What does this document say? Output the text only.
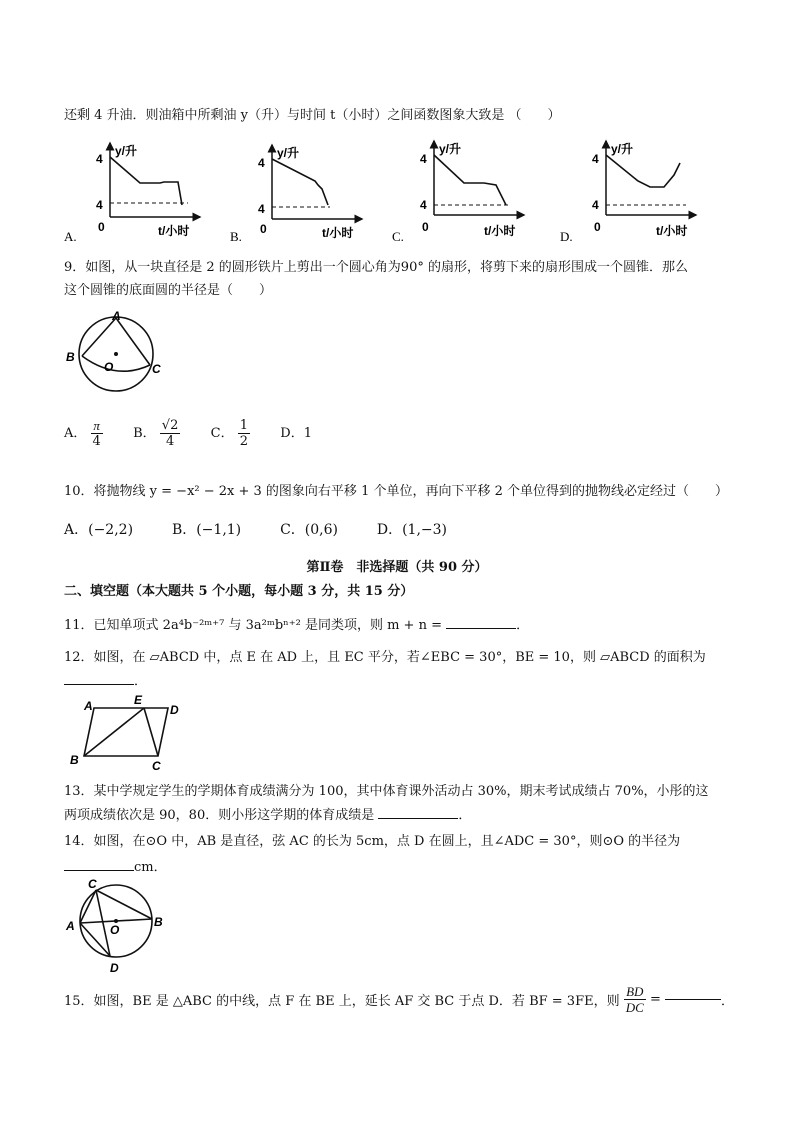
还剩 4 升油．则油箱中所剩油 y（升）与时间 t（小时）之间函数图象大致是 （　　）
y/升
4
4
0	t/小时
A.
y/升
4
4
0	t/小时
B.
y/升
4
4
0	t/小时
C.
y/升
4
4
0	t/小时
D.
9．如图，从一块直径是 2 的圆形铁片上剪出一个圆心角为90° 的扇形，将剪下来的扇形围成一个圆锥．那么
这个圆锥的底面圆的半径是（　　）
A
B
C
O
A． $\frac{\pi}{4}$ B． $\frac{√2}{4}$ C． $\frac{1}{2}$ D．1
10．将抛物线 y = −x² − 2x + 3 的图象向右平移 1 个单位，再向下平移 2 个单位得到的抛物线必定经过（　　）
A．(−2,2)	B．(−1,1)	C．(0,6)	D．(1,−3)
第Ⅱ卷　非选择题（共 90 分）
二、填空题（本大题共 5 个小题，每小题 3 分，共 15 分）
11．已知单项式 2a⁴b⁻²ᵐ⁺⁷ 与 3a²ᵐbⁿ⁺² 是同类项，则 m + n =	．
12．如图，在 ▱ABCD 中，点 E 在 AD 上，且 EC 平分，若∠EBC = 30°，BE = 10，则 ▱ABCD 的面积为
．
A	E
D
B	C
13．某中学规定学生的学期体育成绩满分为 100，其中体育课外活动占 30%，期末考试成绩占 70%，小彤的这
两项成绩依次是 90，80．则小彤这学期的体育成绩是	．
14．如图，在⊙O 中，AB 是直径，弦 AC 的长为 5cm，点 D 在圆上，且∠ADC = 30°，则⊙O 的半径为
cm．
C
A	B
O
D
15．如图，BE 是 △ABC 的中线，点 F 在 BE 上，延长 AF 交 BC 于点 D．若 BF = 3FE，则 $\frac{BD}{DC}$ =	．
